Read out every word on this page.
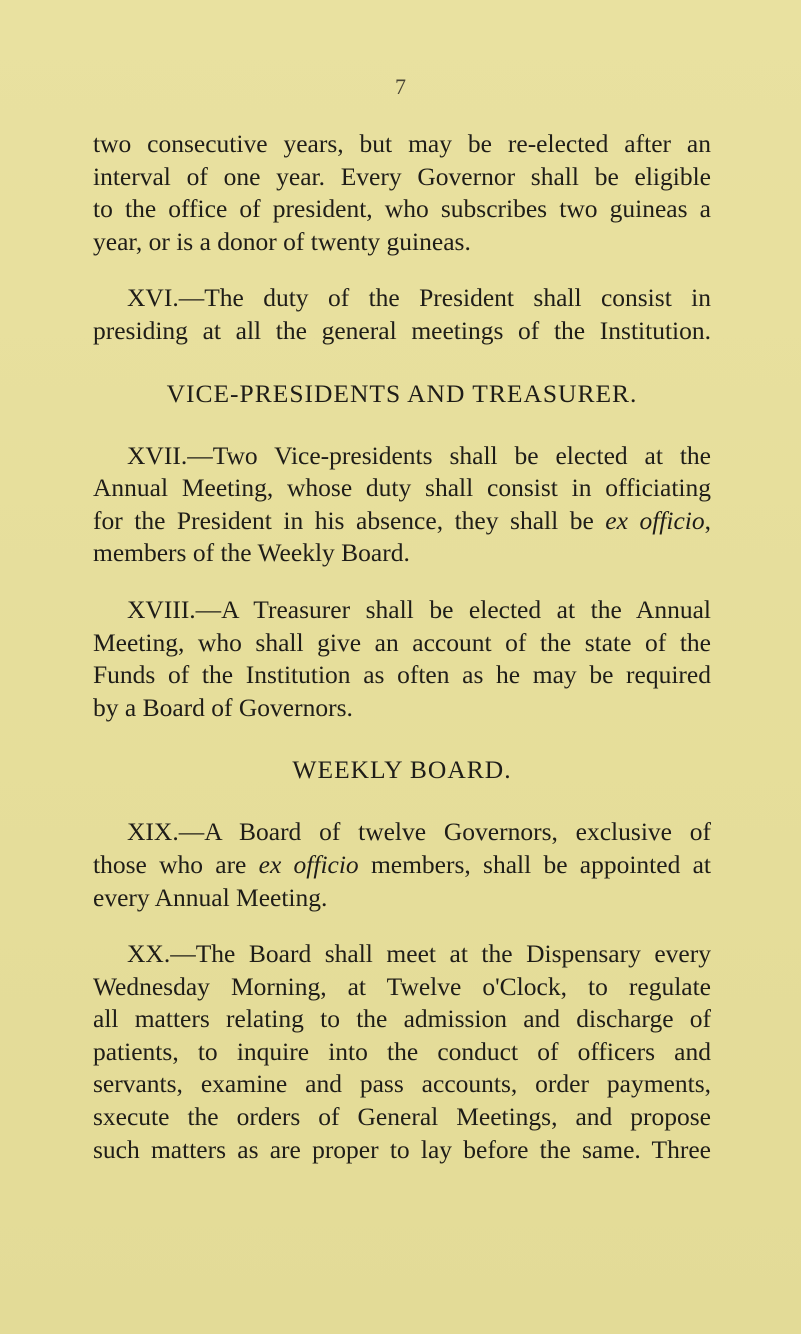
7

two consecutive years, but may be re-elected after an
interval of one year. Every Governor shall be eligible
to the office of president, who subscribes two guineas a
year, or is a donor of twenty guineas.

XVI.—The duty of the President shall consist in
presiding at all the general meetings of the Institution.

VICE-PRESIDENTS AND TREASURER.

XVII.—Two Vice-presidents shall be elected at the
Annual Meeting, whose duty shall consist in officiating
for the President in his absence, they shall be ex officio,
members of the Weekly Board.

XVIII.—A Treasurer shall be elected at the Annual
Meeting, who shall give an account of the state of the
Funds of the Institution as often as he may be required
by a Board of Governors.

WEEKLY BOARD.

XIX.—A Board of twelve Governors, exclusive of
those who are ex officio members, shall be appointed at
every Annual Meeting.

XX.—The Board shall meet at the Dispensary every
Wednesday Morning, at Twelve o'Clock, to regulate
all matters relating to the admission and discharge of
patients, to inquire into the conduct of officers and
servants, examine and pass accounts, order payments,
sxecute the orders of General Meetings, and propose
such matters as are proper to lay before the same. Three
